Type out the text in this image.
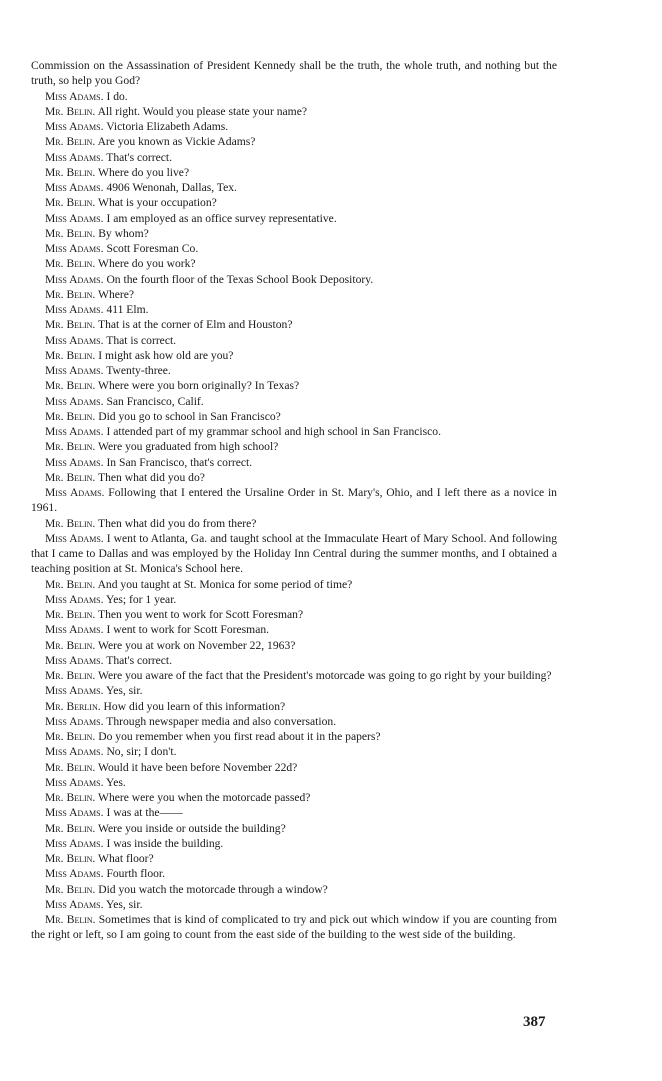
Commission on the Assassination of President Kennedy shall be the truth, the whole truth, and nothing but the truth, so help you God?

Miss Adams. I do.

Mr. Belin. All right. Would you please state your name?

Miss Adams. Victoria Elizabeth Adams.

Mr. Belin. Are you known as Vickie Adams?

Miss Adams. That's correct.

Mr. Belin. Where do you live?

Miss Adams. 4906 Wenonah, Dallas, Tex.

Mr. Belin. What is your occupation?

Miss Adams. I am employed as an office survey representative.

Mr. Belin. By whom?

Miss Adams. Scott Foresman Co.

Mr. Belin. Where do you work?

Miss Adams. On the fourth floor of the Texas School Book Depository.

Mr. Belin. Where?

Miss Adams. 411 Elm.

Mr. Belin. That is at the corner of Elm and Houston?

Miss Adams. That is correct.

Mr. Belin. I might ask how old are you?

Miss Adams. Twenty-three.

Mr. Belin. Where were you born originally? In Texas?

Miss Adams. San Francisco, Calif.

Mr. Belin. Did you go to school in San Francisco?

Miss Adams. I attended part of my grammar school and high school in San Francisco.

Mr. Belin. Were you graduated from high school?

Miss Adams. In San Francisco, that's correct.

Mr. Belin. Then what did you do?

Miss Adams. Following that I entered the Ursaline Order in St. Mary's, Ohio, and I left there as a novice in 1961.

Mr. Belin. Then what did you do from there?

Miss Adams. I went to Atlanta, Ga. and taught school at the Immaculate Heart of Mary School. And following that I came to Dallas and was employed by the Holiday Inn Central during the summer months, and I obtained a teaching position at St. Monica's School here.

Mr. Belin. And you taught at St. Monica for some period of time?

Miss Adams. Yes; for 1 year.

Mr. Belin. Then you went to work for Scott Foresman?

Miss Adams. I went to work for Scott Foresman.

Mr. Belin. Were you at work on November 22, 1963?

Miss Adams. That's correct.

Mr. Belin. Were you aware of the fact that the President's motorcade was going to go right by your building?

Miss Adams. Yes, sir.

Mr. Berlin. How did you learn of this information?

Miss Adams. Through newspaper media and also conversation.

Mr. Belin. Do you remember when you first read about it in the papers?

Miss Adams. No, sir; I don't.

Mr. Belin. Would it have been before November 22d?

Miss Adams. Yes.

Mr. Belin. Where were you when the motorcade passed?

Miss Adams. I was at the——

Mr. Belin. Were you inside or outside the building?

Miss Adams. I was inside the building.

Mr. Belin. What floor?

Miss Adams. Fourth floor.

Mr. Belin. Did you watch the motorcade through a window?

Miss Adams. Yes, sir.

Mr. Belin. Sometimes that is kind of complicated to try and pick out which window if you are counting from the right or left, so I am going to count from the east side of the building to the west side of the building.

387
